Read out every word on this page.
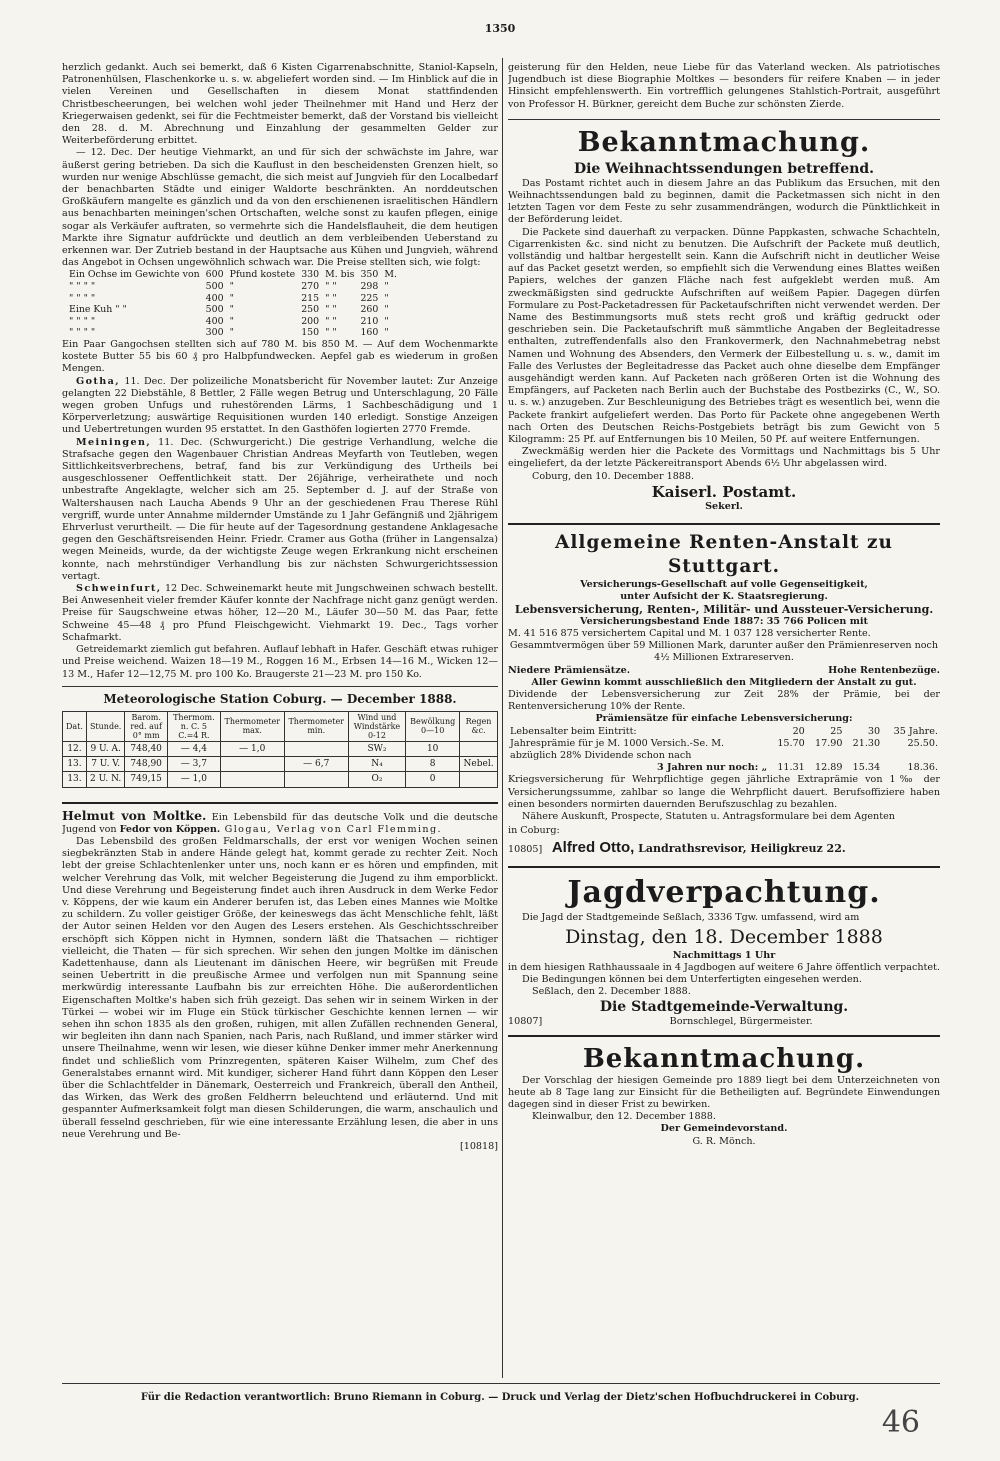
1350

herzlich gedankt. Auch sei bemerkt, daß 6 Kisten Cigarrenabschnitte, Staniol-Kapseln, Patronenhülsen, Flaschenkorke u. s. w. abgeliefert worden sind. — Im Hinblick auf die in vielen Vereinen und Gesellschaften in diesem Monat stattfindenden Christbescheerungen, bei welchen wohl jeder Theilnehmer mit Hand und Herz der Kriegerwaisen gedenkt, sei für die Fechtmeister bemerkt, daß der Vorstand bis vielleicht den 28. d. M. Abrechnung und Einzahlung der gesammelten Gelder zur Weiterbeförderung erbittet.

— 12. Dec. Der heutige Viehmarkt, an und für sich der schwächste im Jahre, war äußerst gering betrieben. Da sich die Kauflust in den bescheidensten Grenzen hielt, so wurden nur wenige Abschlüsse gemacht, die sich meist auf Jungvieh für den Localbedarf der benachbarten Städte und einiger Waldorte beschränkten. An norddeutschen Großkäufern mangelte es gänzlich und da von den erschienenen israelitischen Händlern aus benachbarten meiningen'schen Ortschaften, welche sonst zu kaufen pflegen, einige sogar als Verkäufer auftraten, so vermehrte sich die Handelsflauheit, die dem heutigen Markte ihre Signatur aufdrückte und deutlich an dem verbleibenden Ueberstand zu erkennen war. Der Zutrieb bestand in der Hauptsache aus Kühen und Jungvieh, während das Angebot in Ochsen ungewöhnlich schwach war. Die Preise stellten sich, wie folgt:

Ein Ochse im Gewichte von	600	Pfund kostete	330	M. bis	350	M.
" " " "	500	"	270	" "	298	"
" " " "	400	"	215	" "	225	"
Eine Kuh " "	500	"	250	" "	260	"
" " " "	400	"	200	" "	210	"
" " " "	300	"	150	" "	160	"

Ein Paar Gangochsen stellten sich auf 780 M. bis 850 M. — Auf dem Wochenmarkte kostete Butter 55 bis 60 ₰ pro Halbpfundwecken. Aepfel gab es wiederum in großen Mengen.

Gotha, 11. Dec. Der polizeiliche Monatsbericht für November lautet: Zur Anzeige gelangten 22 Diebstähle, 8 Bettler, 2 Fälle wegen Betrug und Unterschlagung, 20 Fälle wegen groben Unfugs und ruhestörenden Lärms, 1 Sachbeschädigung und 1 Körperverletzung; auswärtige Requisitionen wurden 140 erledigt. Sonstige Anzeigen und Uebertretungen wurden 95 erstattet. In den Gasthöfen logierten 2770 Fremde.

Meiningen, 11. Dec. (Schwurgericht.) Die gestrige Verhandlung, welche die Strafsache gegen den Wagenbauer Christian Andreas Meyfarth von Teutleben, wegen Sittlichkeitsverbrechens, betraf, fand bis zur Verkündigung des Urtheils bei ausgeschlossener Oeffentlichkeit statt. Der 26jährige, verheirathete und noch unbestrafte Angeklagte, welcher sich am 25. September d. J. auf der Straße von Waltershausen nach Laucha Abends 9 Uhr an der geschiedenen Frau Therese Rühl vergriff, wurde unter Annahme mildernder Umstände zu 1 Jahr Gefängniß und 2jährigem Ehrverlust verurtheilt. — Die für heute auf der Tagesordnung gestandene Anklagesache gegen den Geschäftsreisenden Heinr. Friedr. Cramer aus Gotha (früher in Langensalza) wegen Meineids, wurde, da der wichtigste Zeuge wegen Erkrankung nicht erscheinen konnte, nach mehrstündiger Verhandlung bis zur nächsten Schwurgerichtssession vertagt.

Schweinfurt, 12 Dec. Schweinemarkt heute mit Jungschweinen schwach bestellt. Bei Anwesenheit vieler fremder Käufer konnte der Nachfrage nicht ganz genügt werden. Preise für Saugschweine etwas höher, 12—20 M., Läufer 30—50 M. das Paar, fette Schweine 45—48 ₰ pro Pfund Fleischgewicht. Viehmarkt 19. Dec., Tags vorher Schafmarkt.

Getreidemarkt ziemlich gut befahren. Auflauf lebhaft in Hafer. Geschäft etwas ruhiger und Preise weichend. Waizen 18—19 M., Roggen 16 M., Erbsen 14—16 M., Wicken 12—13 M., Hafer 12—12,75 M. pro 100 Ko. Braugerste 21—23 M. pro 150 Ko.

Meteorologische Station Coburg. — December 1888.

Dat.	Stunde.	Barom. red. auf 0° mm	Thermom. n. C. 5 C.=4 R.	Thermometer max.	Thermometer min.	Wind und Windstärke 0-12	Bewölkung 0—10	Regen &c.
12.	9 U. A.	748,40	— 4,4	— 1,0		SW₂	10	
13.	7 U. V.	748,90	— 3,7		— 6,7	N₄	8	Nebel.
13.	2 U. N.	749,15	— 1,0			O₂	0	

Helmut von Moltke. Ein Lebensbild für das deutsche Volk und die deutsche Jugend von Fedor von Köppen. Glogau, Verlag von Carl Flemming.

Das Lebensbild des großen Feldmarschalls, der erst vor wenigen Wochen seinen siegbekränzten Stab in andere Hände gelegt hat, kommt gerade zu rechter Zeit. Noch lebt der greise Schlachtenlenker unter uns, noch kann er es hören und empfinden, mit welcher Verehrung das Volk, mit welcher Begeisterung die Jugend zu ihm emporblickt. Und diese Verehrung und Begeisterung findet auch ihren Ausdruck in dem Werke Fedor v. Köppens, der wie kaum ein Anderer berufen ist, das Leben eines Mannes wie Moltke zu schildern. Zu voller geistiger Größe, der keineswegs das ächt Menschliche fehlt, läßt der Autor seinen Helden vor den Augen des Lesers erstehen. Als Geschichtsschreiber erschöpft sich Köppen nicht in Hymnen, sondern läßt die Thatsachen — richtiger vielleicht, die Thaten — für sich sprechen. Wir sehen den jungen Moltke im dänischen Kadettenhause, dann als Lieutenant im dänischen Heere, wir begrüßen mit Freude seinen Uebertritt in die preußische Armee und verfolgen nun mit Spannung seine merkwürdig interessante Laufbahn bis zur erreichten Höhe. Die außerordentlichen Eigenschaften Moltke's haben sich früh gezeigt. Das sehen wir in seinem Wirken in der Türkei — wobei wir im Fluge ein Stück türkischer Geschichte kennen lernen — wir sehen ihn schon 1835 als den großen, ruhigen, mit allen Zufällen rechnenden General, wir begleiten ihn dann nach Spanien, nach Paris, nach Rußland, und immer stärker wird unsere Theilnahme, wenn wir lesen, wie dieser kühne Denker immer mehr Anerkennung findet und schließlich vom Prinzregenten, späteren Kaiser Wilhelm, zum Chef des Generalstabes ernannt wird. Mit kundiger, sicherer Hand führt dann Köppen den Leser über die Schlachtfelder in Dänemark, Oesterreich und Frankreich, überall den Antheil, das Wirken, das Werk des großen Feldherrn beleuchtend und erläuternd. Und mit gespannter Aufmerksamkeit folgt man diesen Schilderungen, die warm, anschaulich und überall fesselnd geschrieben, für wie eine interessante Erzählung lesen, die aber in uns neue Verehrung und Be-

[10818]

geisterung für den Helden, neue Liebe für das Vaterland wecken. Als patriotisches Jugendbuch ist diese Biographie Moltkes — besonders für reifere Knaben — in jeder Hinsicht empfehlenswerth. Ein vortrefflich gelungenes Stahlstich-Portrait, ausgeführt von Professor H. Bürkner, gereicht dem Buche zur schönsten Zierde.

Bekanntmachung.

Die Weihnachtssendungen betreffend.

Das Postamt richtet auch in diesem Jahre an das Publikum das Ersuchen, mit den Weihnachtssendungen bald zu beginnen, damit die Packetmassen sich nicht in den letzten Tagen vor dem Feste zu sehr zusammendrängen, wodurch die Pünktlichkeit in der Beförderung leidet.

Die Packete sind dauerhaft zu verpacken. Dünne Pappkasten, schwache Schachteln, Cigarrenkisten &c. sind nicht zu benutzen. Die Aufschrift der Packete muß deutlich, vollständig und haltbar hergestellt sein. Kann die Aufschrift nicht in deutlicher Weise auf das Packet gesetzt werden, so empfiehlt sich die Verwendung eines Blattes weißen Papiers, welches der ganzen Fläche nach fest aufgeklebt werden muß. Am zweckmäßigsten sind gedruckte Aufschriften auf weißem Papier. Dagegen dürfen Formulare zu Post-Packetadressen für Packetaufschriften nicht verwendet werden. Der Name des Bestimmungsorts muß stets recht groß und kräftig gedruckt oder geschrieben sein. Die Packetaufschrift muß sämmtliche Angaben der Begleitadresse enthalten, zutreffendenfalls also den Frankovermerk, den Nachnahmebetrag nebst Namen und Wohnung des Absenders, den Vermerk der Eilbestellung u. s. w., damit im Falle des Verlustes der Begleitadresse das Packet auch ohne dieselbe dem Empfänger ausgehändigt werden kann. Auf Packeten nach größeren Orten ist die Wohnung des Empfängers, auf Packeten nach Berlin auch der Buchstabe des Postbezirks (C., W., SO. u. s. w.) anzugeben. Zur Beschleunigung des Betriebes trägt es wesentlich bei, wenn die Packete frankirt aufgeliefert werden. Das Porto für Packete ohne angegebenen Werth nach Orten des Deutschen Reichs-Postgebiets beträgt bis zum Gewicht von 5 Kilogramm: 25 Pf. auf Entfernungen bis 10 Meilen, 50 Pf. auf weitere Entfernungen.

Zweckmäßig werden hier die Packete des Vormittags und Nachmittags bis 5 Uhr eingeliefert, da der letzte Päckereitransport Abends 6½ Uhr abgelassen wird.

Coburg, den 10. December 1888.

Kaiserl. Postamt.

Sekerl.

Allgemeine Renten-Anstalt zu Stuttgart.

Versicherungs-Gesellschaft auf volle Gegenseitigkeit,

unter Aufsicht der K. Staatsregierung.

Lebensversicherung, Renten-, Militär- und Aussteuer-Versicherung.

Versicherungsbestand Ende 1887: 35 766 Policen mit

M. 41 516 875 versichertem Capital und M. 1 037 128 versicherter Rente.

Gesammtvermögen über 59 Millionen Mark, darunter außer den Prämienreserven noch 4½ Millionen Extrareserven.

Niedere Prämiensätze.	Hohe Rentenbezüge.

Aller Gewinn kommt ausschließlich den Mitgliedern der Anstalt zu gut.

Dividende der Lebensversicherung zur Zeit 28% der Prämie, bei der Rentenversicherung 10% der Rente.

Prämiensätze für einfache Lebensversicherung:

Lebensalter beim Eintritt:	20	25	30	35 Jahre.
Jahresprämie für je M. 1000 Versich.-Se. M.	15.70	17.90	21.30	25.50.
abzüglich 28% Dividende schon nach				
3 Jahren nur noch: „	11.31	12.89	15.34	18.36.

Kriegsversicherung für Wehrpflichtige gegen jährliche Extraprämie von 1‰ der Versicherungssumme, zahlbar so lange die Wehrpflicht dauert. Berufsoffiziere haben einen besonders normirten dauernden Berufszuschlag zu bezahlen.

Nähere Auskunft, Prospecte, Statuten u. Antragsformulare bei dem Agenten

in Coburg:

10805] Alfred Otto, Landrathsrevisor, Heiligkreuz 22.

Jagdverpachtung.

Die Jagd der Stadtgemeinde Seßlach, 3336 Tgw. umfassend, wird am

Dinstag, den 18. December 1888

Nachmittags 1 Uhr

in dem hiesigen Rathhaussaale in 4 Jagdbogen auf weitere 6 Jahre öffentlich verpachtet.

Die Bedingungen können bei dem Unterfertigten eingesehen werden.

Seßlach, den 2. December 1888.

Die Stadtgemeinde-Verwaltung.

10807]	Bornschlegel, Bürgermeister.

Bekanntmachung.

Der Vorschlag der hiesigen Gemeinde pro 1889 liegt bei dem Unterzeichneten von heute ab 8 Tage lang zur Einsicht für die Betheiligten auf. Begründete Einwendungen dagegen sind in dieser Frist zu bewirken.

Kleinwalbur, den 12. December 1888.

Der Gemeindevorstand.

G. R. Mönch.

Für die Redaction verantwortlich: Bruno Riemann in Coburg. — Druck und Verlag der Dietz'schen Hofbuchdruckerei in Coburg.
46
